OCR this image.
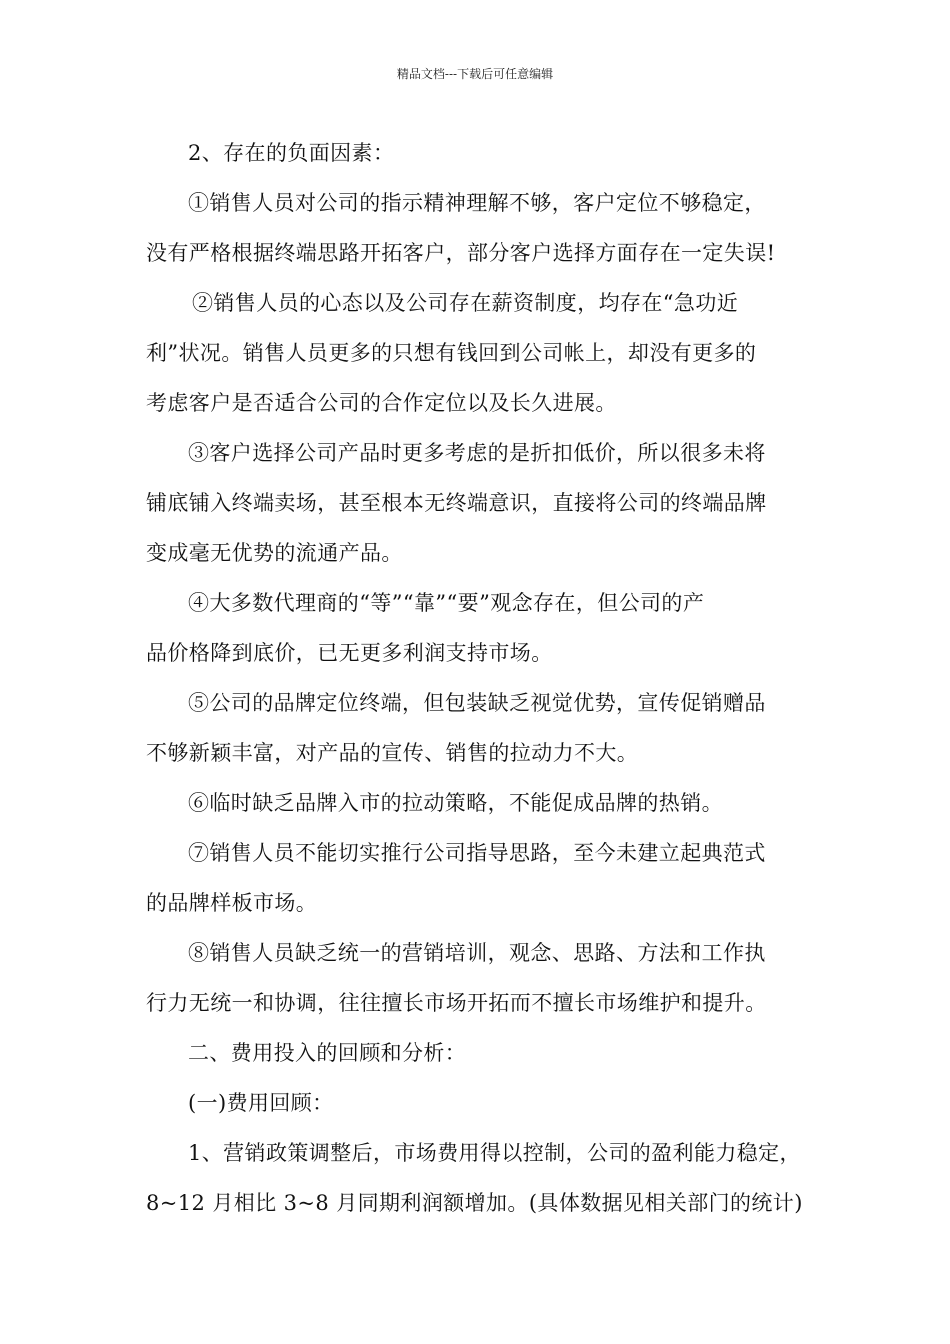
精品文档---下载后可任意编辑
2、存在的负面因素：
①销售人员对公司的指示精神理解不够，客户定位不够稳定，
没有严格根据终端思路开拓客户，部分客户选择方面存在一定失误!
②销售人员的心态以及公司存在薪资制度，均存在“急功近
利”状况。销售人员更多的只想有钱回到公司帐上，却没有更多的
考虑客户是否适合公司的合作定位以及长久进展。
③客户选择公司产品时更多考虑的是折扣低价，所以很多未将
铺底铺入终端卖场，甚至根本无终端意识，直接将公司的终端品牌
变成毫无优势的流通产品。
④大多数代理商的“等”“靠”“要”观念存在，但公司的产
品价格降到底价，已无更多利润支持市场。
⑤公司的品牌定位终端，但包装缺乏视觉优势，宣传促销赠品
不够新颖丰富，对产品的宣传、销售的拉动力不大。
⑥临时缺乏品牌入市的拉动策略，不能促成品牌的热销。
⑦销售人员不能切实推行公司指导思路，至今未建立起典范式
的品牌样板市场。
⑧销售人员缺乏统一的营销培训，观念、思路、方法和工作执
行力无统一和协调，往往擅长市场开拓而不擅长市场维护和提升。
二、费用投入的回顾和分析：
(一)费用回顾：
1、营销政策调整后，市场费用得以控制，公司的盈利能力稳定，
8~12 月相比 3~8 月同期利润额增加。(具体数据见相关部门的统计)
